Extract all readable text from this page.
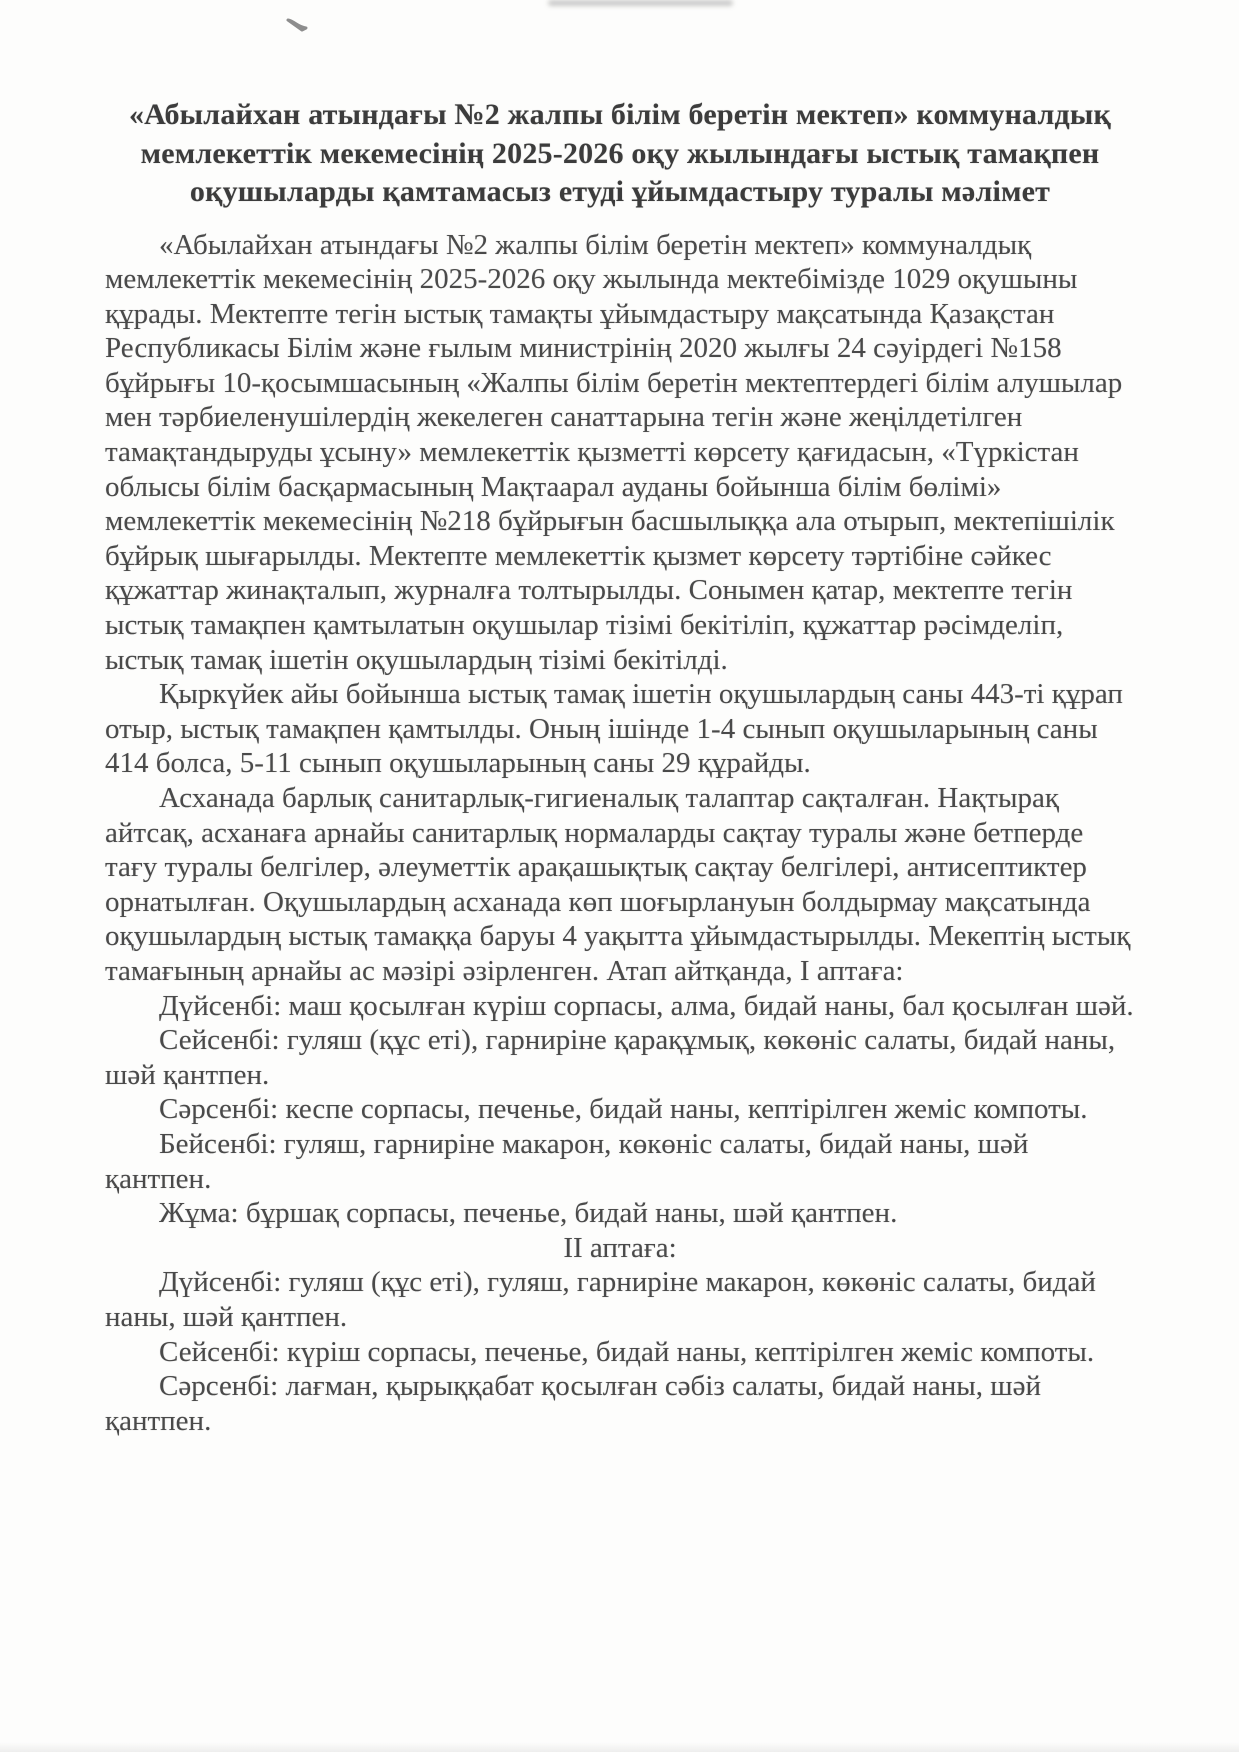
«Абылайхан атындағы №2 жалпы білім беретін мектеп» коммуналдық мемлекеттік мекемесінің 2025-2026 оқу жылындағы ыстық тамақпен оқушыларды қамтамасыз етуді ұйымдастыру туралы мәлімет

«Абылайхан атындағы №2 жалпы білім беретін мектеп» коммуналдық мемлекеттік мекемесінің 2025-2026 оқу жылында мектебімізде 1029 оқушыны құрады. Мектепте тегін ыстық тамақты ұйымдастыру мақсатында Қазақстан Республикасы Білім және ғылым министрінің 2020 жылғы 24 сәуірдегі №158 бұйрығы 10-қосымшасының «Жалпы білім беретін мектептердегі білім алушылар мен тәрбиеленушілердің жекелеген санаттарына тегін және жеңілдетілген тамақтандыруды ұсыну» мемлекеттік қызметті көрсету қағидасын, «Түркістан облысы білім басқармасының Мақтаарал ауданы бойынша білім бөлімі» мемлекеттік мекемесінің №218 бұйрығын басшылыққа ала отырып, мектепішілік бұйрық шығарылды. Мектепте мемлекеттік қызмет көрсету тәртібіне сәйкес құжаттар жинақталып, журналға толтырылды. Сонымен қатар, мектепте тегін ыстық тамақпен қамтылатын оқушылар тізімі бекітіліп, құжаттар рәсімделіп, ыстық тамақ ішетін оқушылардың тізімі бекітілді.

Қыркүйек айы бойынша ыстық тамақ ішетін оқушылардың саны 443-ті құрап отыр, ыстық тамақпен қамтылды. Оның ішінде 1-4 сынып оқушыларының саны 414 болса, 5-11 сынып оқушыларының саны 29 құрайды.

Асханада барлық санитарлық-гигиеналық талаптар сақталған. Нақтырақ айтсақ, асханаға арнайы санитарлық нормаларды сақтау туралы және бетперде тағу туралы белгілер, әлеуметтік арақашықтық сақтау белгілері, антисептиктер орнатылған. Оқушылардың асханада көп шоғырлануын болдырмау мақсатында оқушылардың ыстық тамаққа баруы 4 уақытта ұйымдастырылды. Мекептің ыстық тамағының арнайы ас мәзірі әзірленген. Атап айтқанда, I аптаға:

Дүйсенбі: маш қосылған күріш сорпасы, алма, бидай наны, бал қосылған шәй.

Сейсенбі: гуляш (құс еті), гарниріне қарақұмық, көкөніс салаты, бидай наны, шәй қантпен.

Сәрсенбі: кеспе сорпасы, печенье, бидай наны, кептірілген жеміс компоты.

Бейсенбі: гуляш, гарниріне макарон, көкөніс салаты, бидай наны, шәй қантпен.

Жұма: бұршақ сорпасы, печенье, бидай наны, шәй қантпен.

II аптаға:

Дүйсенбі: гуляш (құс еті), гуляш, гарниріне макарон, көкөніс салаты, бидай наны, шәй қантпен.

Сейсенбі: күріш сорпасы, печенье, бидай наны, кептірілген жеміс компоты.

Сәрсенбі: лағман, қырыққабат қосылған сәбіз салаты, бидай наны, шәй қантпен.
